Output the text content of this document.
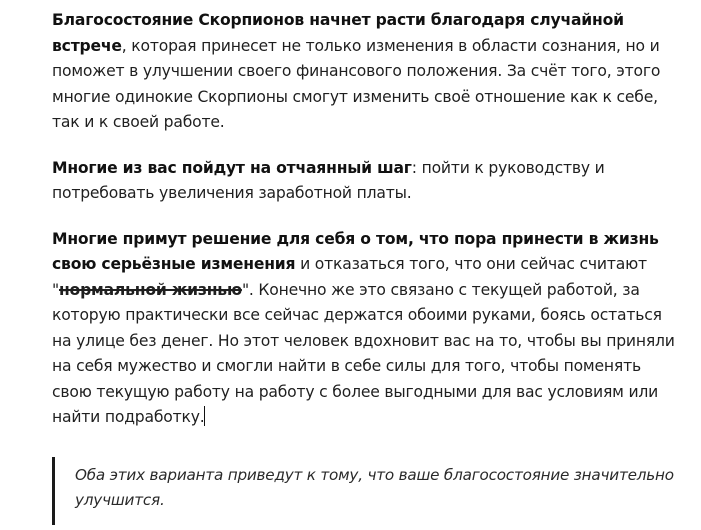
Благосостояние Скорпионов начнет расти благодаря случайной встрече, которая принесет не только изменения в области сознания, но и поможет в улучшении своего финансового положения. За счёт того, этого многие одинокие Скорпионы смогут изменить своё отношение как к себе, так и к своей работе.

Многие из вас пойдут на отчаянный шаг: пойти к руководству и потребовать увеличения заработной платы.

Многие примут решение для себя о том, что пора принести в жизнь свою серьёзные изменения и отказаться того, что они сейчас считают "нормальной жизнью". Конечно же это связано с текущей работой, за которую практически все сейчас держатся обоими руками, боясь остаться на улице без денег. Но этот человек вдохновит вас на то, чтобы вы приняли на себя мужество и смогли найти в себе силы для того, чтобы поменять свою текущую работу на работу с более выгодными для вас условиям или найти подработку.

Оба этих варианта приведут к тому, что ваше благосостояние значительно улучшится.
